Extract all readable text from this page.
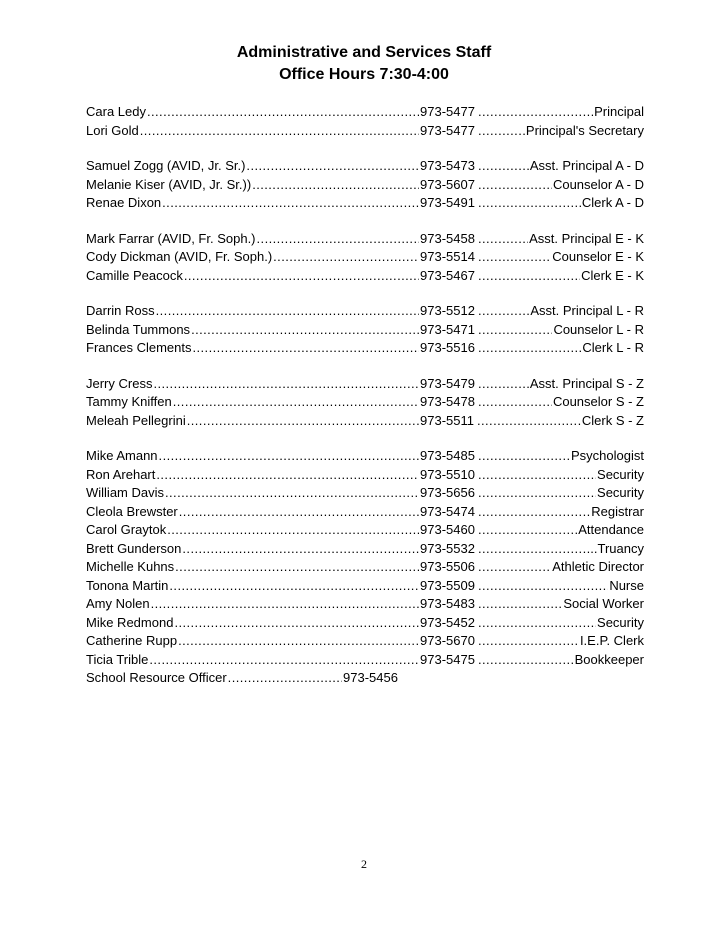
Administrative and Services Staff
Office Hours 7:30-4:00
Cara Ledy . . .	973-5477 . . .	Principal
Lori Gold . . .	973-5477 . . .	Principal's Secretary
Samuel Zogg (AVID, Jr. Sr.) . . .	973-5473 . . .	Asst. Principal A - D
Melanie Kiser (AVID, Jr. Sr.)) . . .	973-5607 . . .	Counselor A - D
Renae Dixon . . .	973-5491 . . .	Clerk A - D
Mark Farrar (AVID, Fr. Soph.) . . .	973-5458 . . .	Asst. Principal E - K
Cody Dickman (AVID, Fr. Soph.) . . .	973-5514 . . .	Counselor E - K
Camille Peacock . . .	973-5467 . . .	Clerk E - K
Darrin Ross . . .	973-5512 . . .	Asst. Principal L - R
Belinda Tummons . . .	973-5471 . . .	Counselor L - R
Frances Clements . . .	973-5516 . . .	Clerk L - R
Jerry Cress . . .	973-5479 . . .	Asst. Principal S - Z
Tammy Kniffen . . .	973-5478 . . .	Counselor S - Z
Meleah Pellegrini . . .	973-5511 . . .	Clerk S - Z
Mike Amann . . .	973-5485 . . .	Psychologist
Ron Arehart . . .	973-5510 . . .	Security
William Davis . . .	973-5656 . . .	Security
Cleola Brewster . . .	973-5474 . . .	Registrar
Carol Graytok . . .	973-5460 . . .	Attendance
Brett Gunderson . . .	973-5532 . . .	...Truancy
Michelle Kuhns . . .	973-5506 . . .	Athletic Director
Tonona Martin . . .	973-5509 . . .	Nurse
Amy Nolen . . .	973-5483 . . .	Social Worker
Mike Redmond . . .	973-5452 . . .	Security
Catherine Rupp . . .	973-5670 . . .	I.E.P. Clerk
Ticia Trible . . .	973-5475 . . .	Bookkeeper
School Resource Officer . . .	973-5456
2
